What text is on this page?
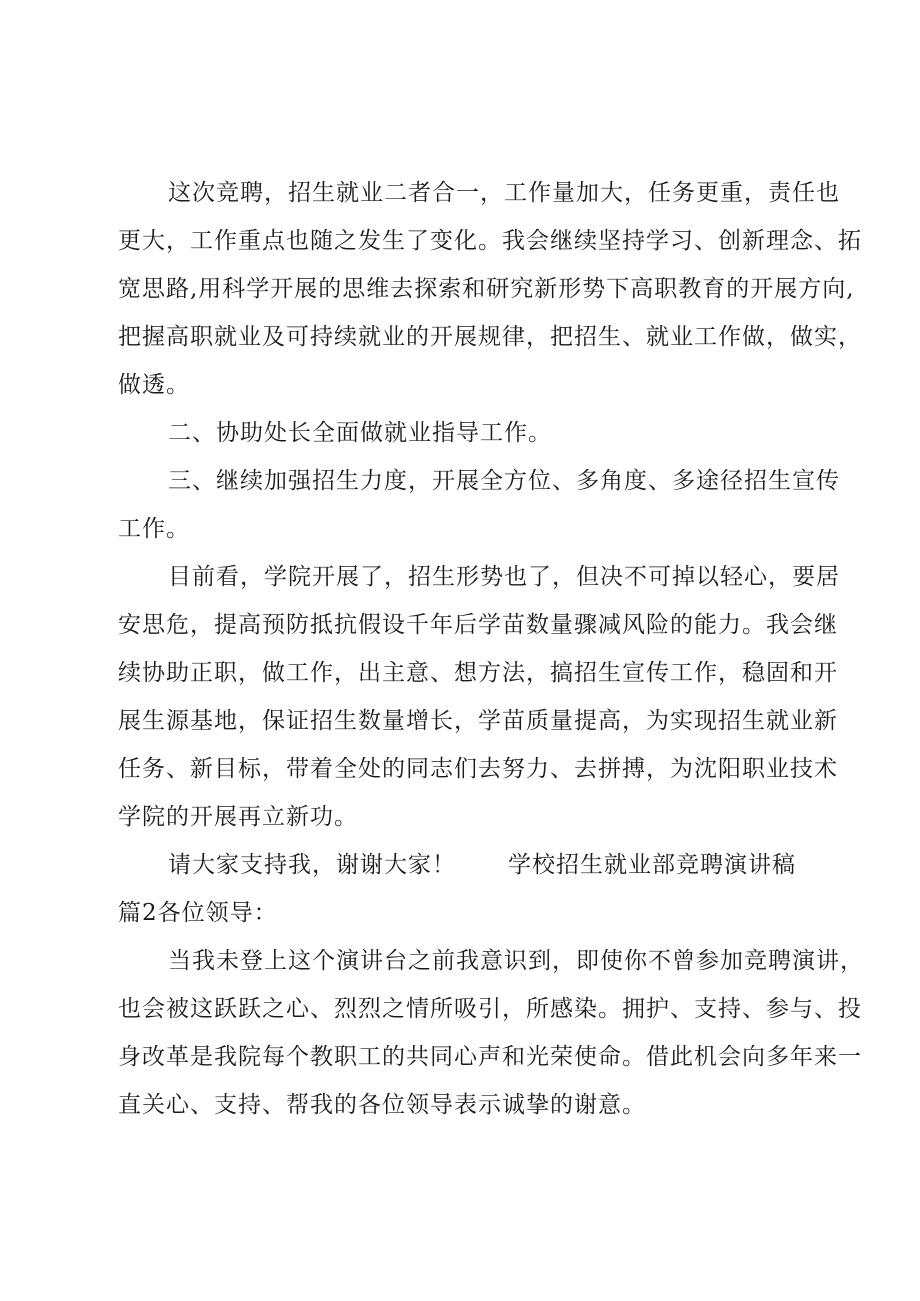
这次竞聘，招生就业二者合一，工作量加大，任务更重，责任也
更大，工作重点也随之发生了变化。我会继续坚持学习、创新理念、拓
宽思路,用科学开展的思维去探索和研究新形势下高职教育的开展方向,
把握高职就业及可持续就业的开展规律，把招生、就业工作做，做实，
做透。
二、协助处长全面做就业指导工作。
三、继续加强招生力度，开展全方位、多角度、多途径招生宣传
工作。
目前看，学院开展了，招生形势也了，但决不可掉以轻心，要居
安思危，提高预防抵抗假设千年后学苗数量骤减风险的能力。我会继
续协助正职，做工作，出主意、想方法，搞招生宣传工作，稳固和开
展生源基地，保证招生数量增长，学苗质量提高，为实现招生就业新
任务、新目标，带着全处的同志们去努力、去拼搏，为沈阳职业技术
学院的开展再立新功。
请大家支持我，谢谢大家！ 学校招生就业部竞聘演讲稿
篇2各位领导：
当我未登上这个演讲台之前我意识到，即使你不曾参加竞聘演讲，
也会被这跃跃之心、烈烈之情所吸引，所感染。拥护、支持、参与、投
身改革是我院每个教职工的共同心声和光荣使命。借此机会向多年来一
直关心、支持、帮我的各位领导表示诚挚的谢意。
